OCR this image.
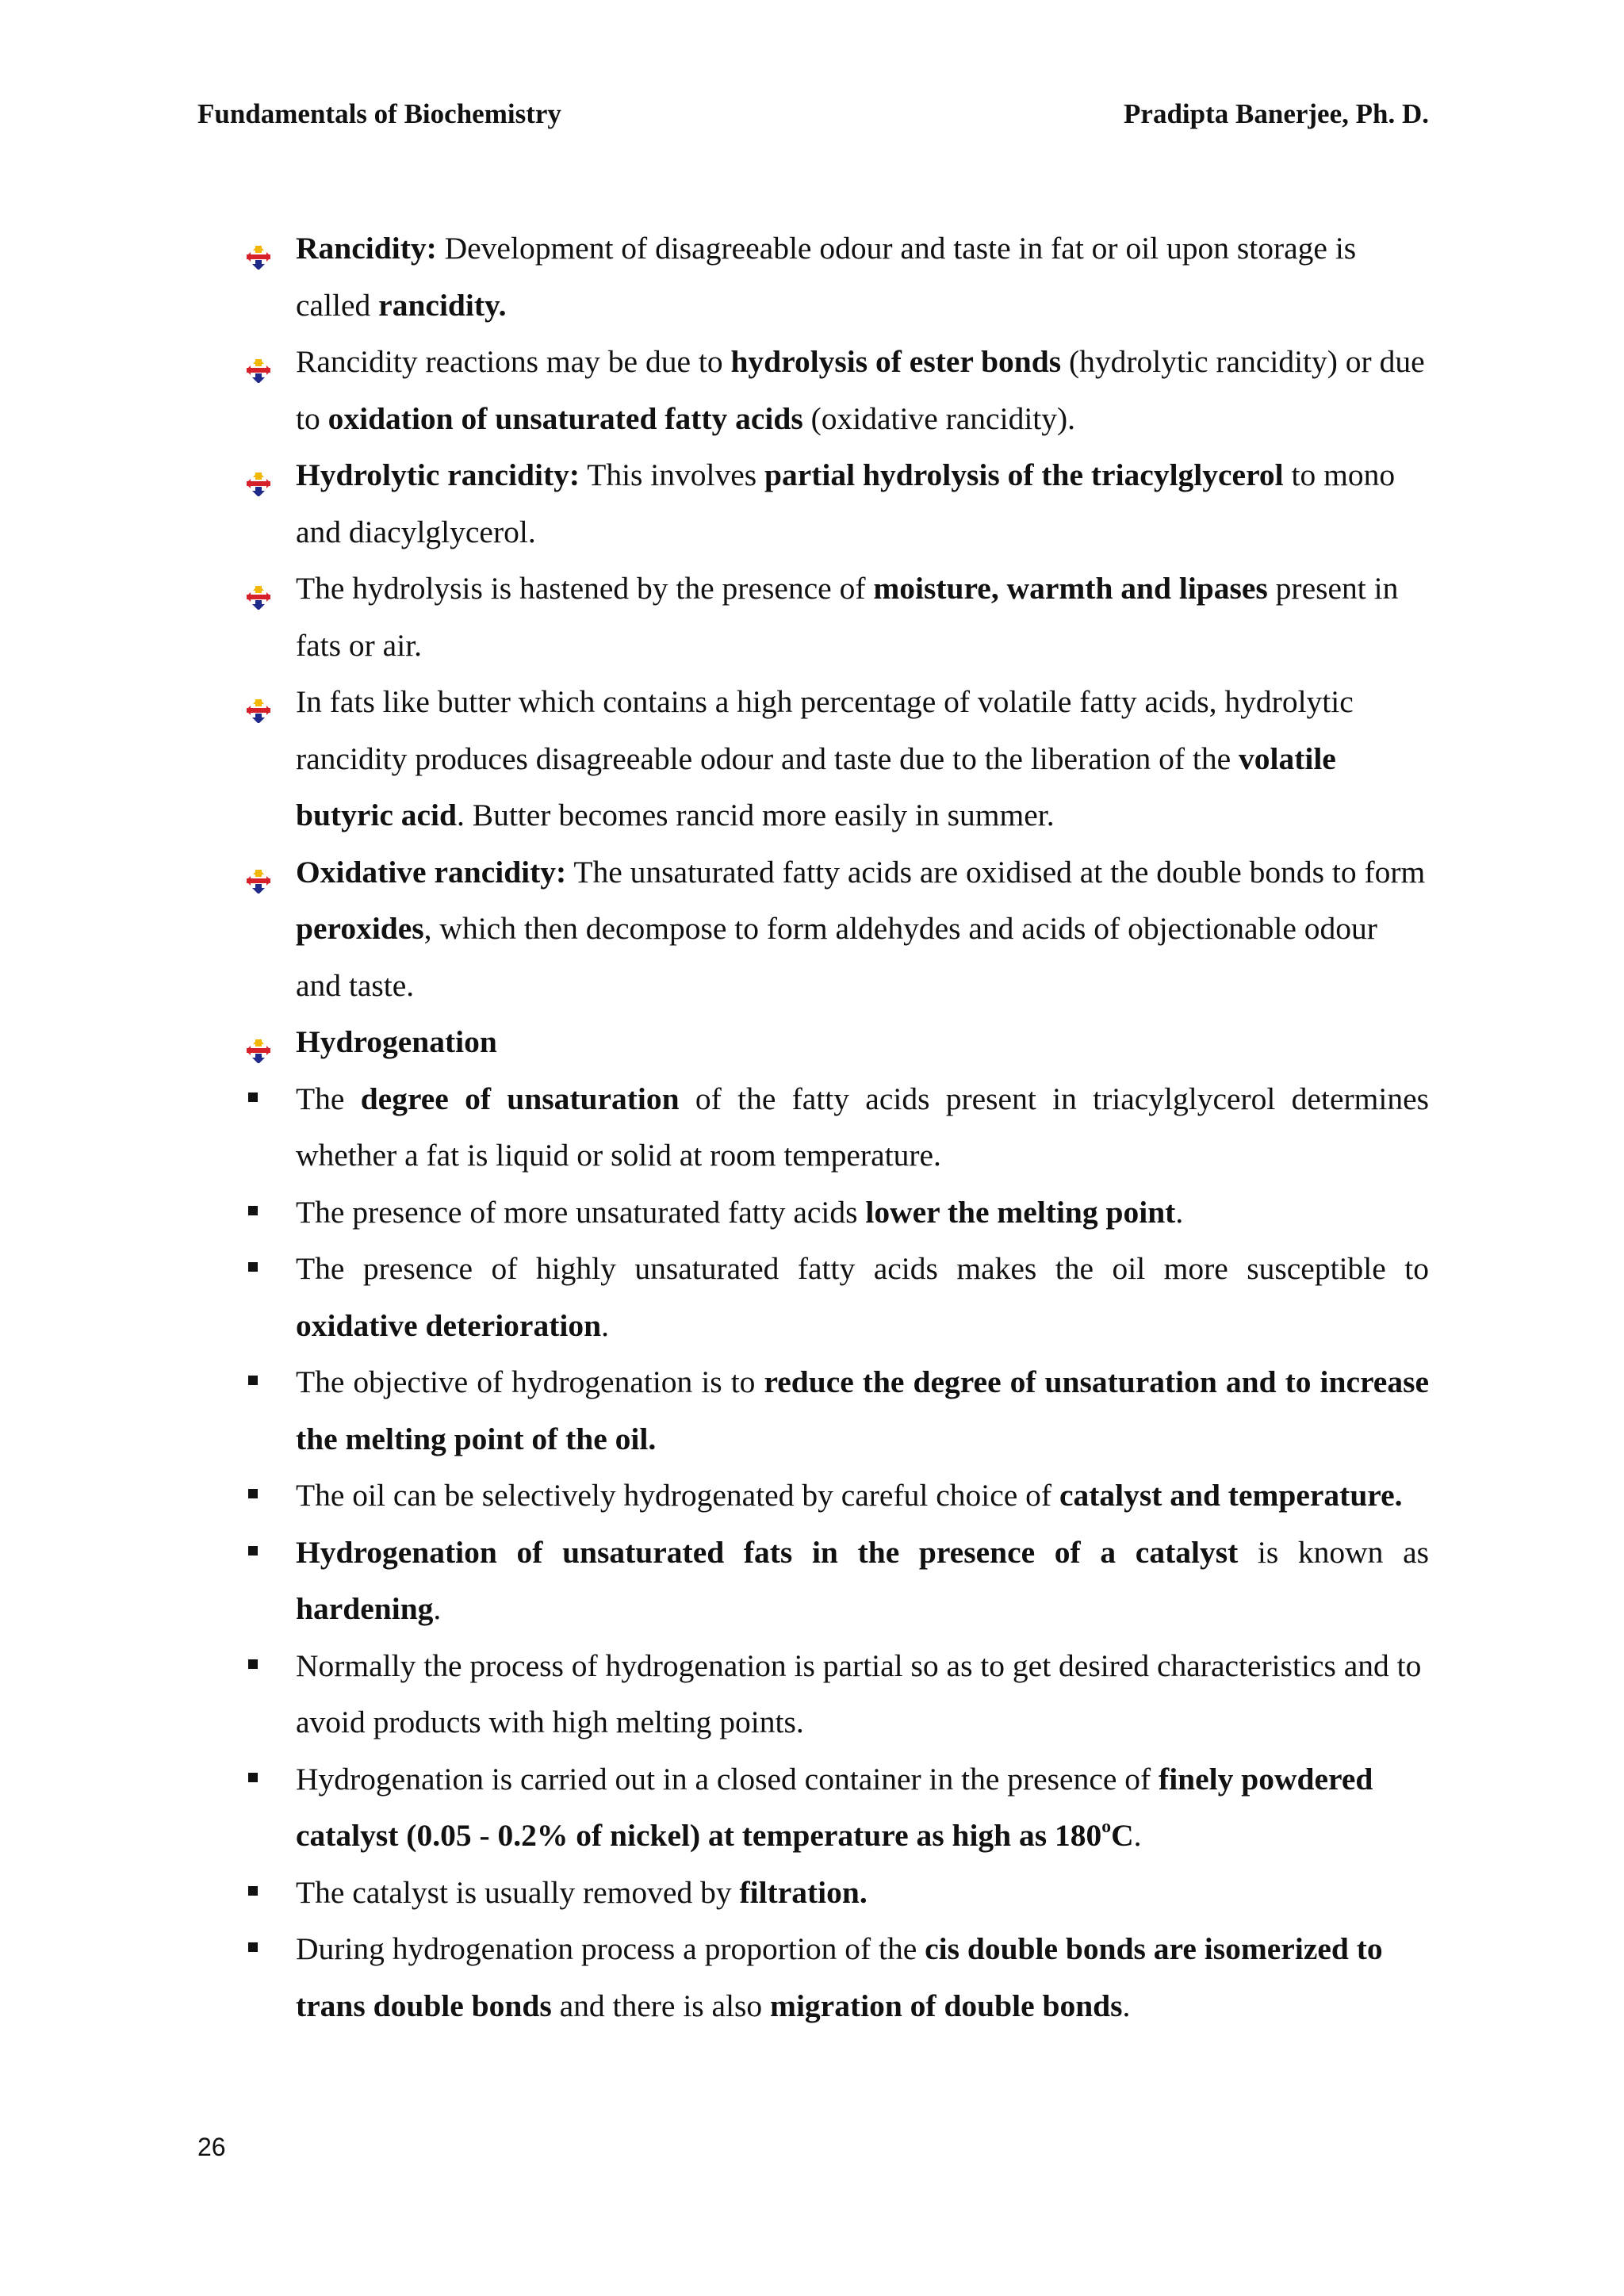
Fundamentals of Biochemistry	Pradipta Banerjee, Ph. D.
Rancidity: Development of disagreeable odour and taste in fat or oil upon storage is called rancidity.
Rancidity reactions may be due to hydrolysis of ester bonds (hydrolytic rancidity) or due to oxidation of unsaturated fatty acids (oxidative rancidity).
Hydrolytic rancidity: This involves partial hydrolysis of the triacylglycerol to mono and diacylglycerol.
The hydrolysis is hastened by the presence of moisture, warmth and lipases present in fats or air.
In fats like butter which contains a high percentage of volatile fatty acids, hydrolytic rancidity produces disagreeable odour and taste due to the liberation of the volatile butyric acid. Butter becomes rancid more easily in summer.
Oxidative rancidity: The unsaturated fatty acids are oxidised at the double bonds to form peroxides, which then decompose to form aldehydes and acids of objectionable odour and taste.
Hydrogenation
The degree of unsaturation of the fatty acids present in triacylglycerol determines whether a fat is liquid or solid at room temperature.
The presence of more unsaturated fatty acids lower the melting point.
The presence of highly unsaturated fatty acids makes the oil more susceptible to oxidative deterioration.
The objective of hydrogenation is to reduce the degree of unsaturation and to increase the melting point of the oil.
The oil can be selectively hydrogenated by careful choice of catalyst and temperature.
Hydrogenation of unsaturated fats in the presence of a catalyst is known as hardening.
Normally the process of hydrogenation is partial so as to get desired characteristics and to avoid products with high melting points.
Hydrogenation is carried out in a closed container in the presence of finely powdered catalyst (0.05 - 0.2% of nickel) at temperature as high as 180$^o$C.
The catalyst is usually removed by filtration.
During hydrogenation process a proportion of the cis double bonds are isomerized to trans double bonds and there is also migration of double bonds.
26
